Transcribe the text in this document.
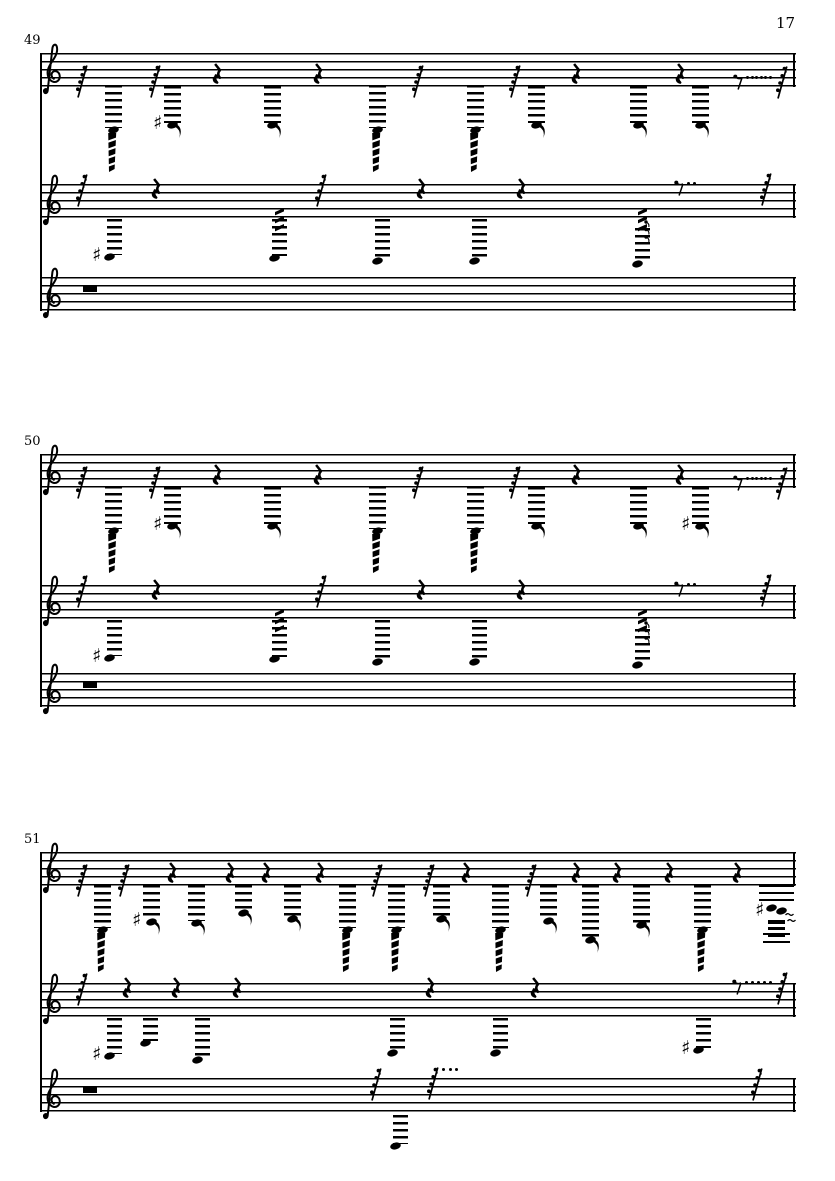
17
49
♯
♯
50
♯	♯
♯
51
♯	♯
♯	♯
